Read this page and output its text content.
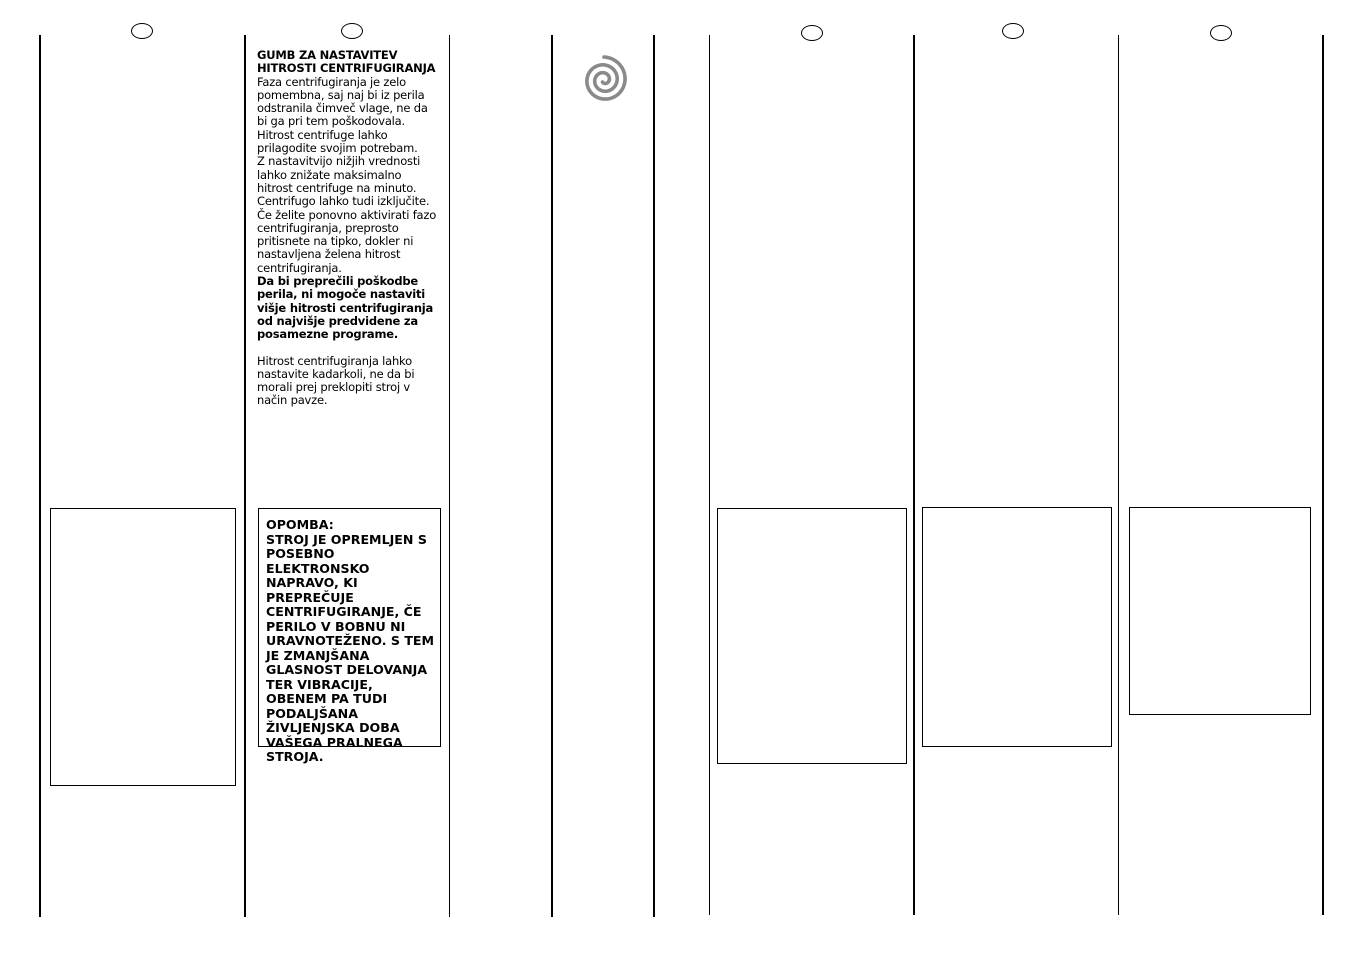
GUMB ZA NASTAVITEV HITROSTI CENTRIFUGIRANJA

Faza centrifugiranja je zelo pomembna, saj naj bi iz perila odstranila čimveč vlage, ne da bi ga pri tem poškodovala.

Hitrost centrifuge lahko prilagodite svojim potrebam.

Z nastavitvijo nižjih vrednosti lahko znižate maksimalno hitrost centrifuge na minuto.

Centrifugo lahko tudi izključite. Če želite ponovno aktivirati fazo centrifugiranja, preprosto pritisnete na tipko, dokler ni nastavljena želena hitrost centrifugiranja.

Da bi preprečili poškodbe perila, ni mogoče nastaviti višje hitrosti centrifugiranja od najvišje predvidene za posamezne programe.

Hitrost centrifugiranja lahko nastavite kadarkoli, ne da bi morali prej preklopiti stroj v način pavze.

OPOMBA:
STROJ JE OPREMLJEN S POSEBNO ELEKTRONSKO NAPRAVO, KI PREPREČUJE CENTRIFUGIRANJE, ČE PERILO V BOBNU NI URAVNOTEŽENO. S TEM JE ZMANJŠANA GLASNOST DELOVANJA TER VIBRACIJE, OBENEM PA TUDI PODALJŠANA ŽIVLJENJSKA DOBA VAŠEGA PRALNEGA STROJA.
